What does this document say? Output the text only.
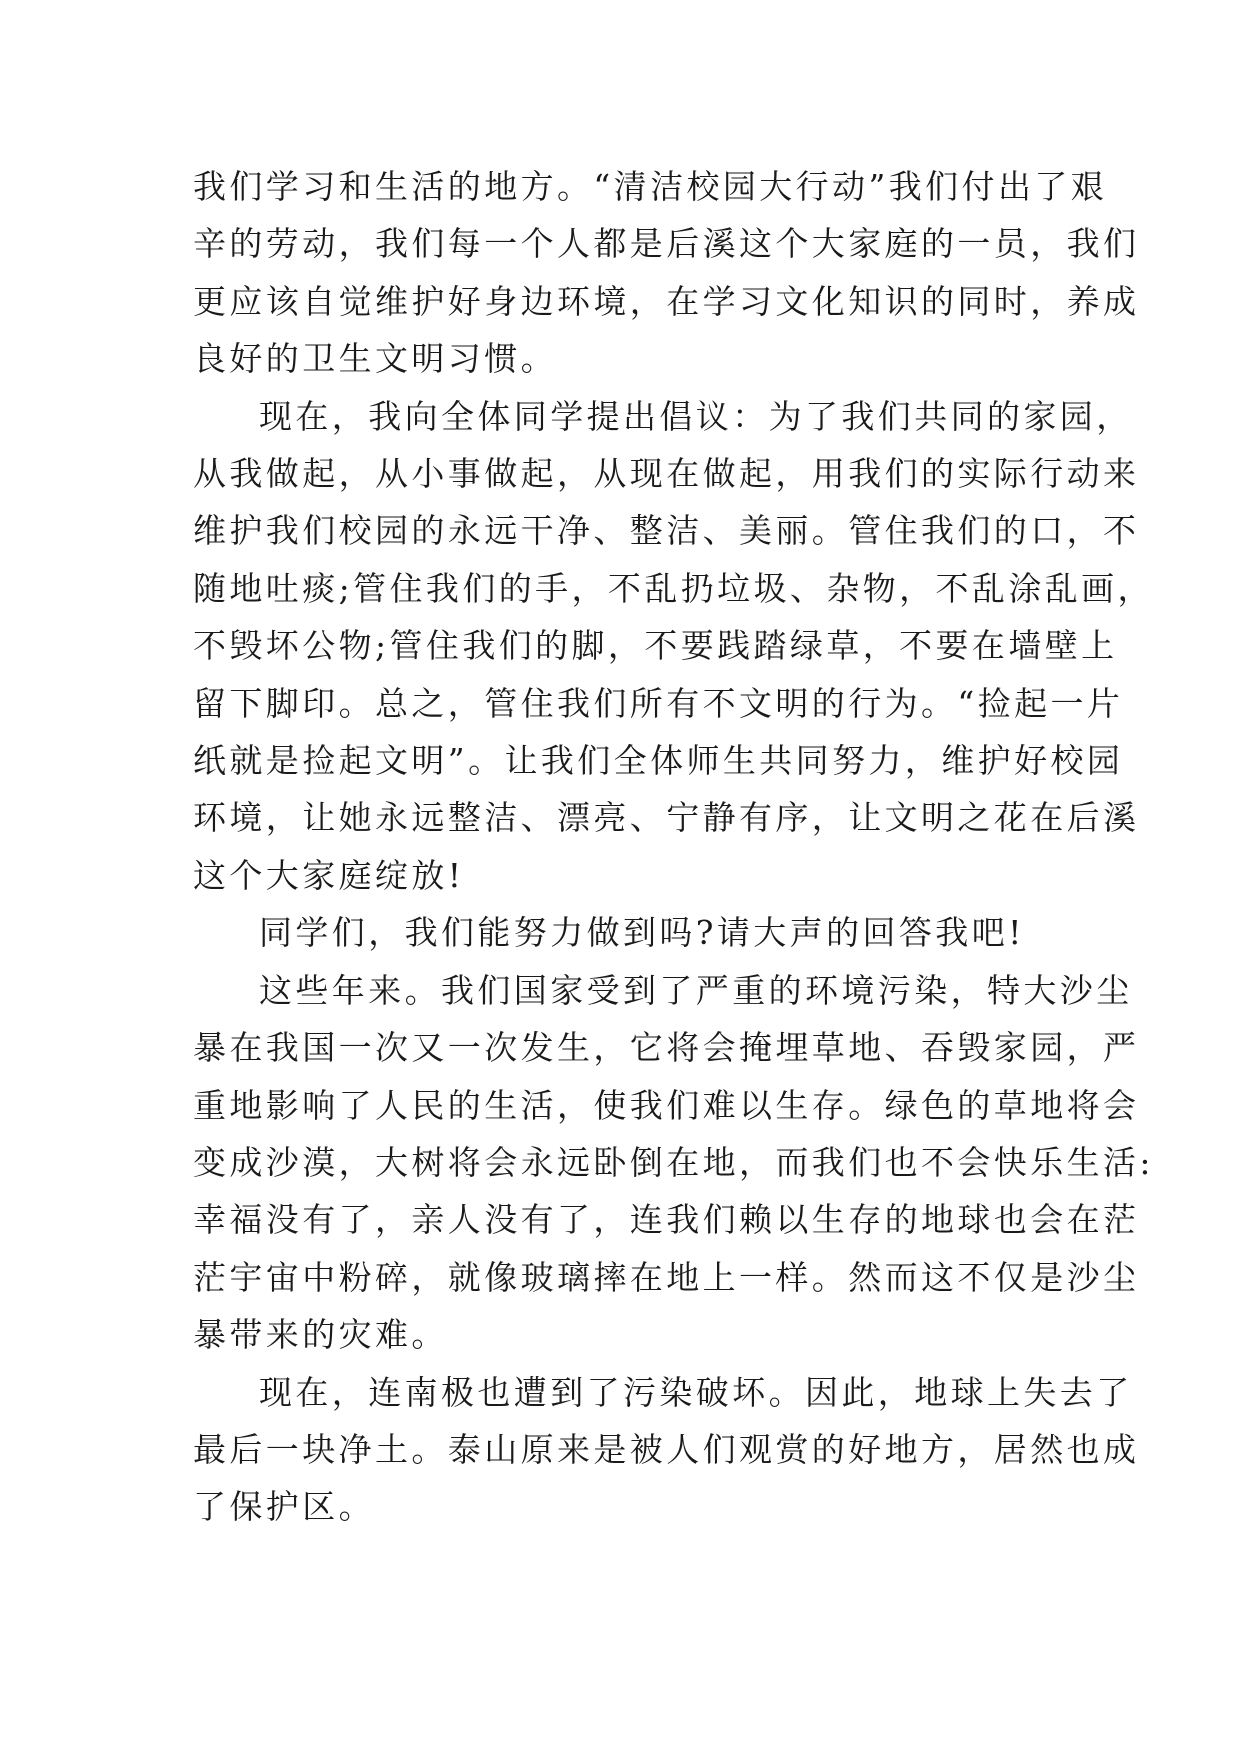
我们学习和生活的地方。“清洁校园大行动”我们付出了艰
辛的劳动，我们每一个人都是后溪这个大家庭的一员，我们
更应该自觉维护好身边环境，在学习文化知识的同时，养成
良好的卫生文明习惯。
现在，我向全体同学提出倡议：为了我们共同的家园，
从我做起，从小事做起，从现在做起，用我们的实际行动来
维护我们校园的永远干净、整洁、美丽。管住我们的口，不
随地吐痰;管住我们的手，不乱扔垃圾、杂物，不乱涂乱画，
不毁坏公物;管住我们的脚，不要践踏绿草，不要在墙壁上
留下脚印。总之，管住我们所有不文明的行为。“捡起一片
纸就是捡起文明”。让我们全体师生共同努力，维护好校园
环境，让她永远整洁、漂亮、宁静有序，让文明之花在后溪
这个大家庭绽放!
同学们，我们能努力做到吗?请大声的回答我吧!
这些年来。我们国家受到了严重的环境污染，特大沙尘
暴在我国一次又一次发生，它将会掩埋草地、吞毁家园，严
重地影响了人民的生活，使我们难以生存。绿色的草地将会
变成沙漠，大树将会永远卧倒在地，而我们也不会快乐生活:
幸福没有了，亲人没有了，连我们赖以生存的地球也会在茫
茫宇宙中粉碎，就像玻璃摔在地上一样。然而这不仅是沙尘
暴带来的灾难。
现在，连南极也遭到了污染破坏。因此，地球上失去了
最后一块净土。泰山原来是被人们观赏的好地方，居然也成
了保护区。
